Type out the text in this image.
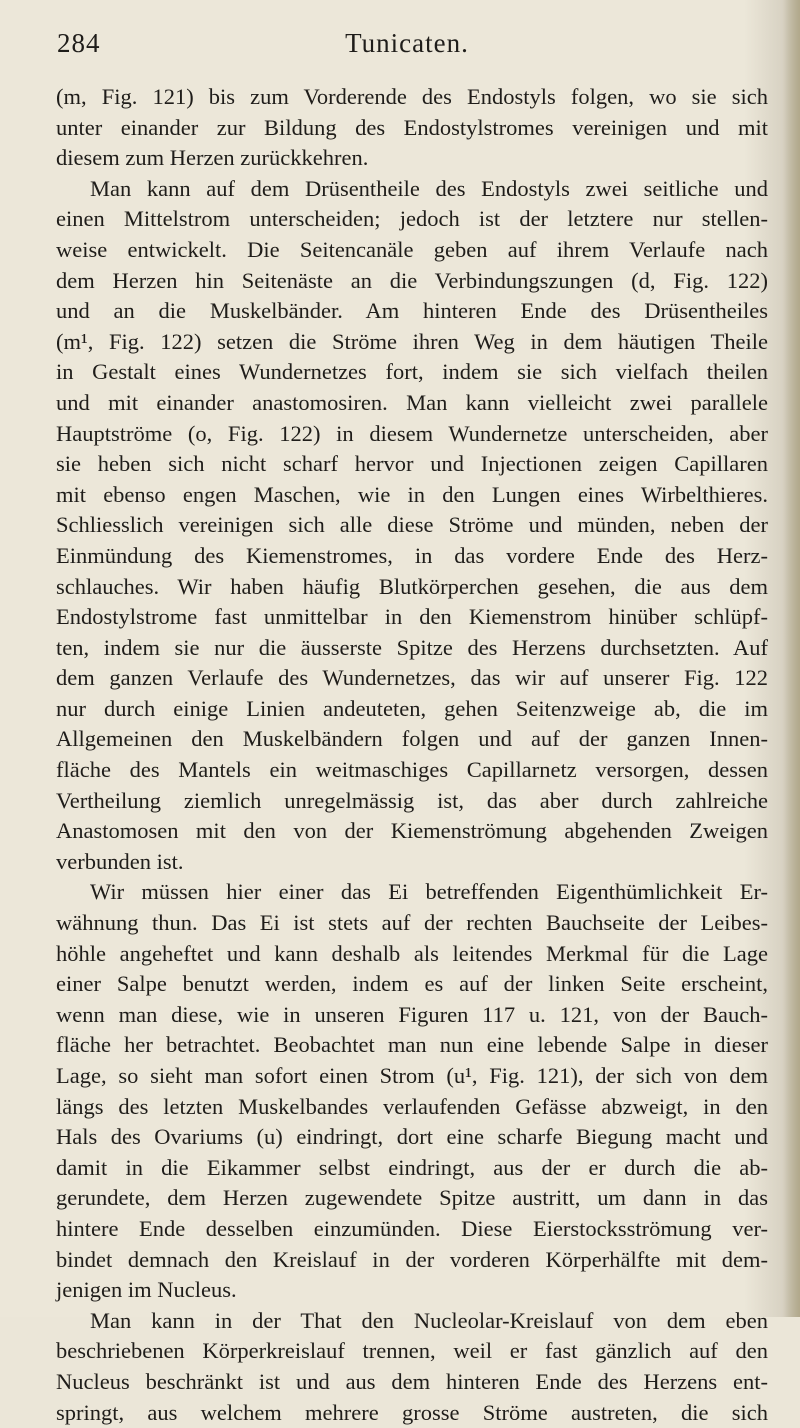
284	Tunicaten.
(m, Fig. 121) bis zum Vorderende des Endostyls folgen, wo sie sich
unter einander zur Bildung des Endostylstromes vereinigen und mit
diesem zum Herzen zurückkehren.
Man kann auf dem Drüsentheile des Endostyls zwei seitliche und
einen Mittelstrom unterscheiden; jedoch ist der letztere nur stellen-
weise entwickelt. Die Seitencanäle geben auf ihrem Verlaufe nach
dem Herzen hin Seitenäste an die Verbindungszungen (d, Fig. 122)
und an die Muskelbänder. Am hinteren Ende des Drüsentheiles
(m¹, Fig. 122) setzen die Ströme ihren Weg in dem häutigen Theile
in Gestalt eines Wundernetzes fort, indem sie sich vielfach theilen
und mit einander anastomosiren. Man kann vielleicht zwei parallele
Hauptströme (o, Fig. 122) in diesem Wundernetze unterscheiden, aber
sie heben sich nicht scharf hervor und Injectionen zeigen Capillaren
mit ebenso engen Maschen, wie in den Lungen eines Wirbelthieres.
Schliesslich vereinigen sich alle diese Ströme und münden, neben der
Einmündung des Kiemenstromes, in das vordere Ende des Herz-
schlauches. Wir haben häufig Blutkörperchen gesehen, die aus dem
Endostylstrome fast unmittelbar in den Kiemenstrom hinüber schlüpf-
ten, indem sie nur die äusserste Spitze des Herzens durchsetzten. Auf
dem ganzen Verlaufe des Wundernetzes, das wir auf unserer Fig. 122
nur durch einige Linien andeuteten, gehen Seitenzweige ab, die im
Allgemeinen den Muskelbändern folgen und auf der ganzen Innen-
fläche des Mantels ein weitmaschiges Capillarnetz versorgen, dessen
Vertheilung ziemlich unregelmässig ist, das aber durch zahlreiche
Anastomosen mit den von der Kiemenströmung abgehenden Zweigen
verbunden ist.
Wir müssen hier einer das Ei betreffenden Eigenthümlichkeit Er-
wähnung thun. Das Ei ist stets auf der rechten Bauchseite der Leibes-
höhle angeheftet und kann deshalb als leitendes Merkmal für die Lage
einer Salpe benutzt werden, indem es auf der linken Seite erscheint,
wenn man diese, wie in unseren Figuren 117 u. 121, von der Bauch-
fläche her betrachtet. Beobachtet man nun eine lebende Salpe in dieser
Lage, so sieht man sofort einen Strom (u¹, Fig. 121), der sich von dem
längs des letzten Muskelbandes verlaufenden Gefässe abzweigt, in den
Hals des Ovariums (u) eindringt, dort eine scharfe Biegung macht und
damit in die Eikammer selbst eindringt, aus der er durch die ab-
gerundete, dem Herzen zugewendete Spitze austritt, um dann in das
hintere Ende desselben einzumünden. Diese Eierstocksströmung ver-
bindet demnach den Kreislauf in der vorderen Körperhälfte mit dem-
jenigen im Nucleus.
Man kann in der That den Nucleolar-Kreislauf von dem eben
beschriebenen Körperkreislauf trennen, weil er fast gänzlich auf den
Nucleus beschränkt ist und aus dem hinteren Ende des Herzens ent-
springt, aus welchem mehrere grosse Ströme austreten, die sich
